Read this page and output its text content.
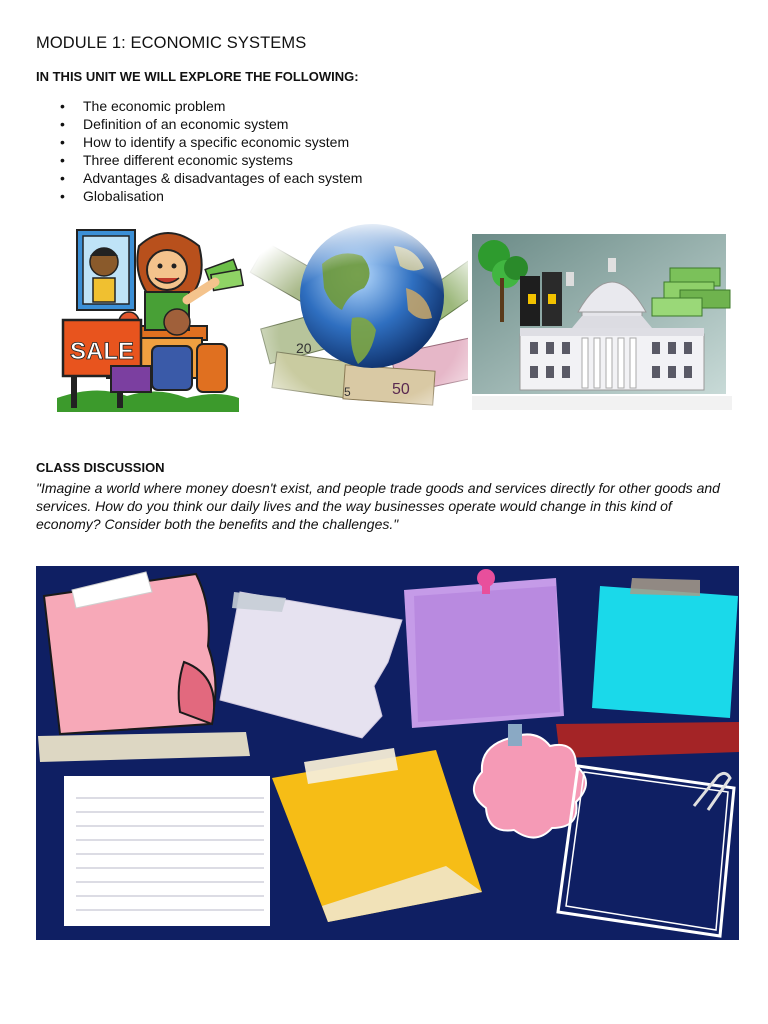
MODULE 1: ECONOMIC SYSTEMS
IN THIS UNIT WE WILL EXPLORE THE FOLLOWING:
• The economic problem
• Definition of an economic system
• How to identify a specific economic system
• Three different economic systems
• Advantages & disadvantages of each system
• Globalisation
SALE
CLASS DISCUSSION
"Imagine a world where money doesn't exist, and people trade goods and services directly for other goods and services. How do you think our daily lives and the way businesses operate would change in this kind of economy? Consider both the benefits and the challenges."
